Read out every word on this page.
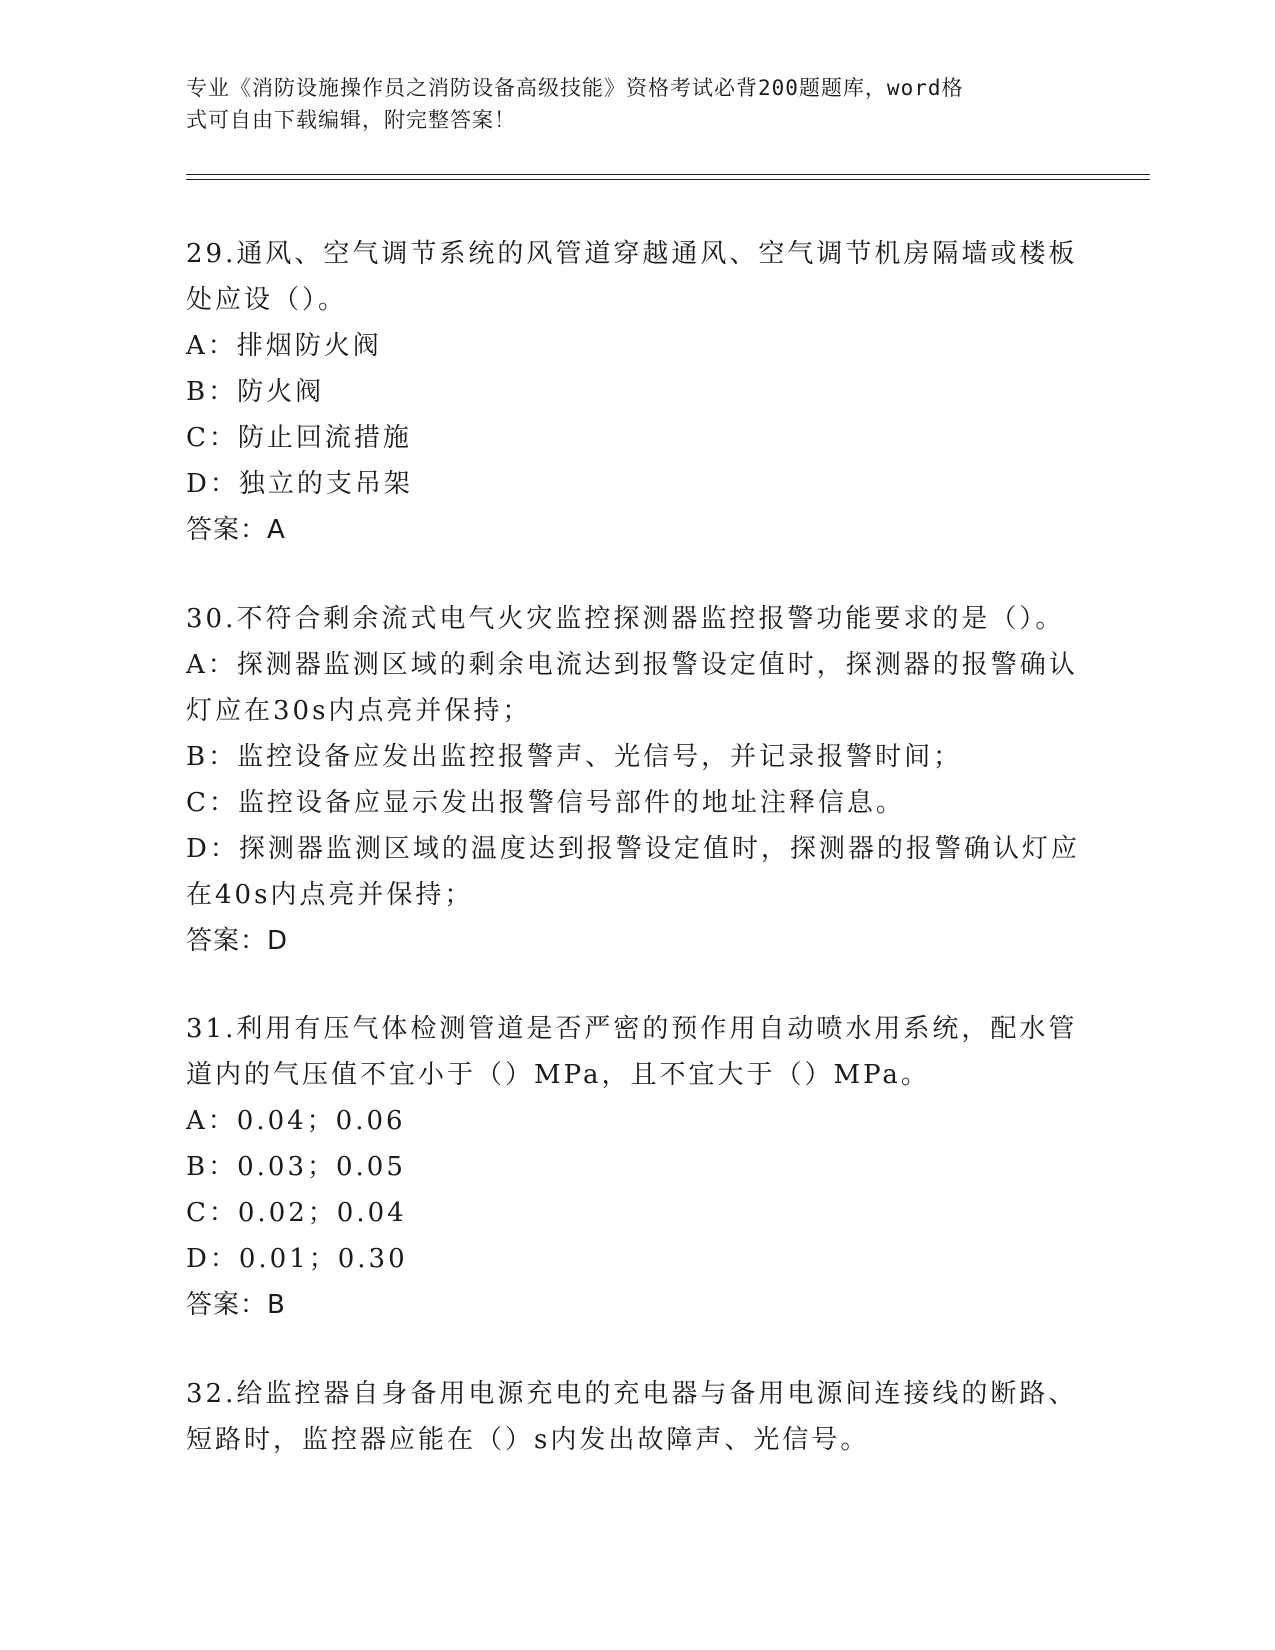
专业《消防设施操作员之消防设备高级技能》资格考试必背200题题库，word格
式可自由下载编辑，附完整答案！

29.通风、空气调节系统的风管道穿越通风、空气调节机房隔墙或楼板

处应设（）。

A：排烟防火阀

B：防火阀

C：防止回流措施

D：独立的支吊架

答案：A

30.不符合剩余流式电气火灾监控探测器监控报警功能要求的是（）。

A：探测器监测区域的剩余电流达到报警设定值时，探测器的报警确认

灯应在30s内点亮并保持；

B：监控设备应发出监控报警声、光信号，并记录报警时间；

C：监控设备应显示发出报警信号部件的地址注释信息。

D：探测器监测区域的温度达到报警设定值时，探测器的报警确认灯应

在40s内点亮并保持；

答案：D

31.利用有压气体检测管道是否严密的预作用自动喷水用系统，配水管

道内的气压值不宜小于（）MPa，且不宜大于（）MPa。

A：0.04；0.06

B：0.03；0.05

C：0.02；0.04

D：0.01；0.30

答案：B

32.给监控器自身备用电源充电的充电器与备用电源间连接线的断路、

短路时，监控器应能在（）s内发出故障声、光信号。
